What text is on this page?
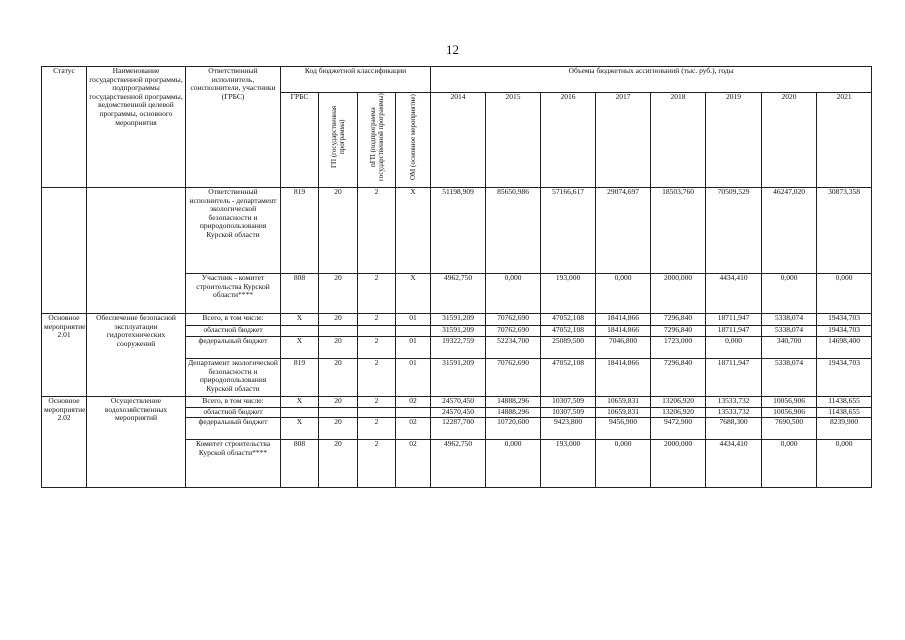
12
Статус	Наименование государственной программы, подпрограммы государственной программы, ведомственной целевой программы, основного мероприятия	Ответственный исполнитель, соисполнители, участники (ГРБС)	Код бюджетной классификации				Объемы бюджетных ассигнований (тыс. руб.), годы							
			ГРБС	ГП (государственная программа)	пГП (подпрограмма государственной программы)	ОМ (основное мероприятие)	2014	2015	2016	2017	2018	2019	2020	2021
		Ответственный исполнитель - департамент экологической безопасности и природопользования Курской области	819	20	2	Х	51198,909	85650,986	57166,617	29074,697	18503,760	70509,529	46247,020	30873,358
		Участник - комитет строительства Курской области****	808	20	2	Х	4962,750	0,000	193,000	0,000	2000,000	4434,410	0,000	0,000
Основное мероприятие 2.01	Обеспечение безопасной эксплуатации гидротехнических сооружений	Всего, в том числе:	Х	20	2	01	31591,209	70762,690	47052,108	18414,866	7296,840	18711,947	5338,074	19434,703
		областной бюджет					31591,209	70762,690	47052,108	18414,866	7296,840	18711,947	5338,074	19434,703
		федеральный бюджет	Х	20	2	01	19322,759	52234,700	25089,500	7046,800	1723,000	0,000	340,700	14698,400
		Департамент экологической безопасности и природопользования Курской области	819	20	2	01	31591,209	70762,690	47052,108	18414,866	7296,840	18711,947	5338,074	19434,703
Основное мероприятие 2.02	Осуществление водохозяйственных мероприятий	Всего, в том числе:	Х	20	2	02	24570,450	14888,296	10307,509	10659,831	13206,920	13533,732	10056,906	11438,655
		областной бюджет					24570,450	14888,296	10307,509	10659,831	13206,920	13533,732	10056,906	11438,655
		федеральный бюджет	Х	20	2	02	12287,700	10720,600	9423,800	9456,900	9472,900	7688,300	7690,500	8239,900
		Комитет строительства Курской области****	808	20	2	02	4962,750	0,000	193,000	0,000	2000,000	4434,410	0,000	0,000
